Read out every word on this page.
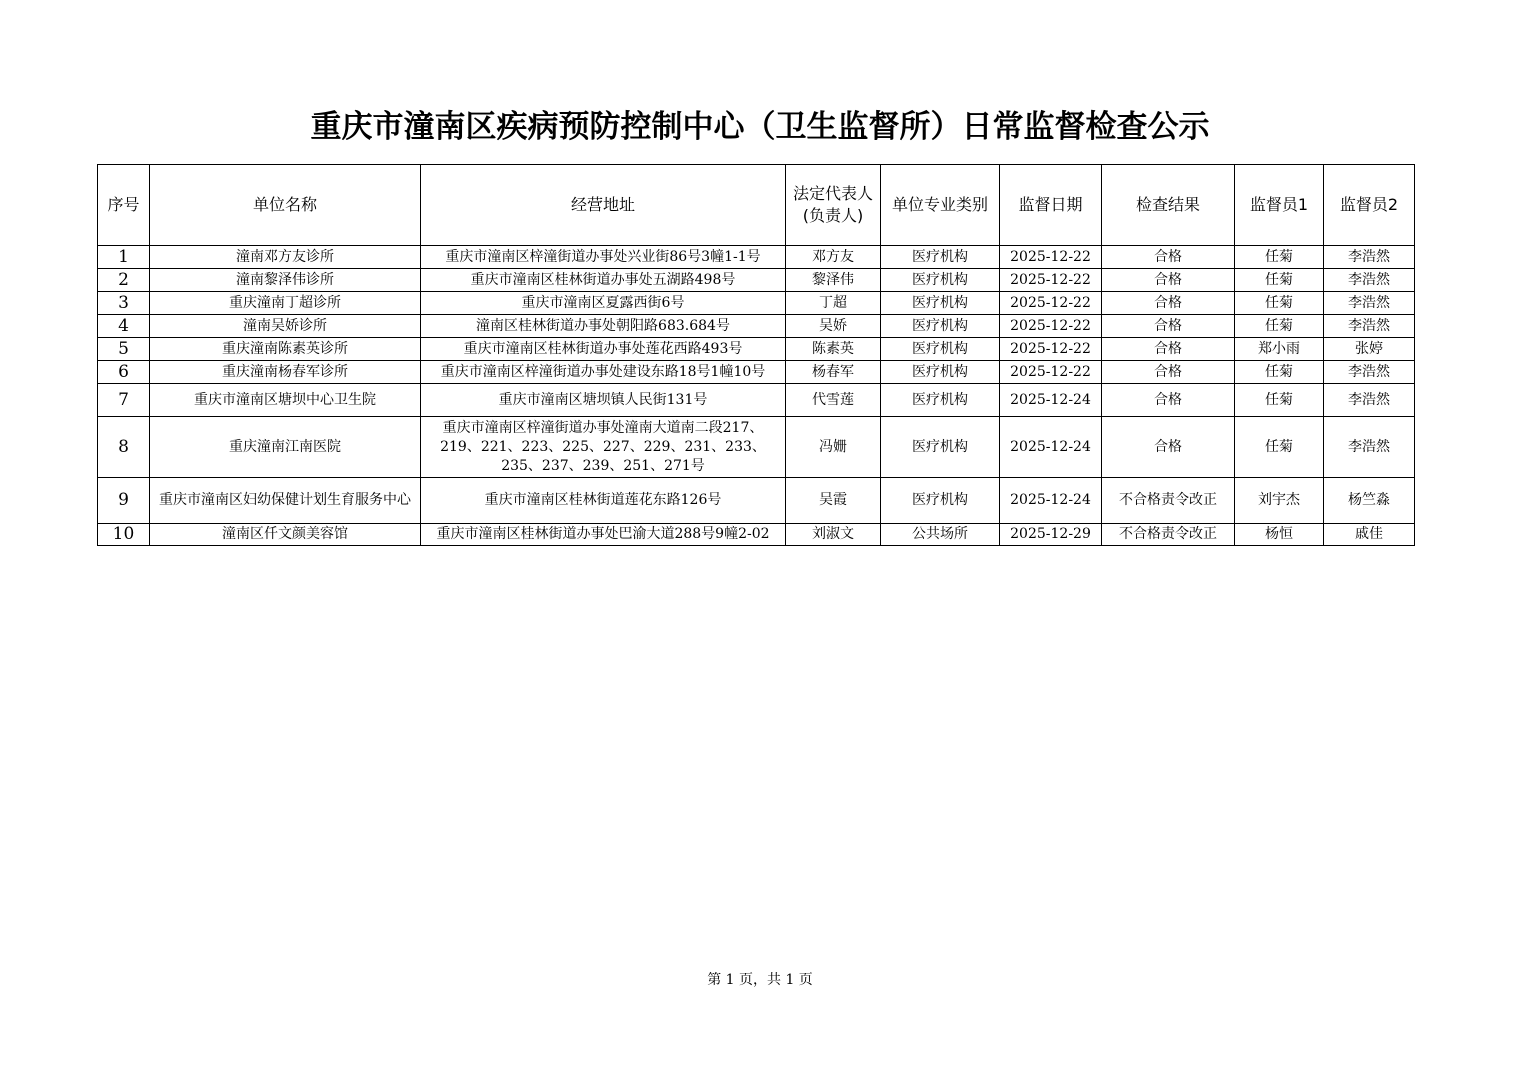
重庆市潼南区疾病预防控制中心（卫生监督所）日常监督检查公示
序号	单位名称	经营地址	法定代表人(负责人)	单位专业类别	监督日期	检查结果	监督员1	监督员2
1	潼南邓方友诊所	重庆市潼南区梓潼街道办事处兴业街86号3幢1-1号	邓方友	医疗机构	2025-12-22	合格	任菊	李浩然
2	潼南黎泽伟诊所	重庆市潼南区桂林街道办事处五湖路498号	黎泽伟	医疗机构	2025-12-22	合格	任菊	李浩然
3	重庆潼南丁超诊所	重庆市潼南区夏露西街6号	丁超	医疗机构	2025-12-22	合格	任菊	李浩然
4	潼南吴娇诊所	潼南区桂林街道办事处朝阳路683.684号	吴娇	医疗机构	2025-12-22	合格	任菊	李浩然
5	重庆潼南陈素英诊所	重庆市潼南区桂林街道办事处莲花西路493号	陈素英	医疗机构	2025-12-22	合格	郑小雨	张婷
6	重庆潼南杨春军诊所	重庆市潼南区梓潼街道办事处建设东路18号1幢10号	杨春军	医疗机构	2025-12-22	合格	任菊	李浩然
7	重庆市潼南区塘坝中心卫生院	重庆市潼南区塘坝镇人民街131号	代雪莲	医疗机构	2025-12-24	合格	任菊	李浩然
8	重庆潼南江南医院	重庆市潼南区梓潼街道办事处潼南大道南二段217、219、221、223、225、227、229、231、233、235、237、239、251、271号	冯姗	医疗机构	2025-12-24	合格	任菊	李浩然
9	重庆市潼南区妇幼保健计划生育服务中心	重庆市潼南区桂林街道莲花东路126号	吴霞	医疗机构	2025-12-24	不合格责令改正	刘宇杰	杨竺淼
10	潼南区仟文颜美容馆	重庆市潼南区桂林街道办事处巴渝大道288号9幢2-02	刘淑文	公共场所	2025-12-29	不合格责令改正	杨恒	戚佳
第 1 页，共 1 页
